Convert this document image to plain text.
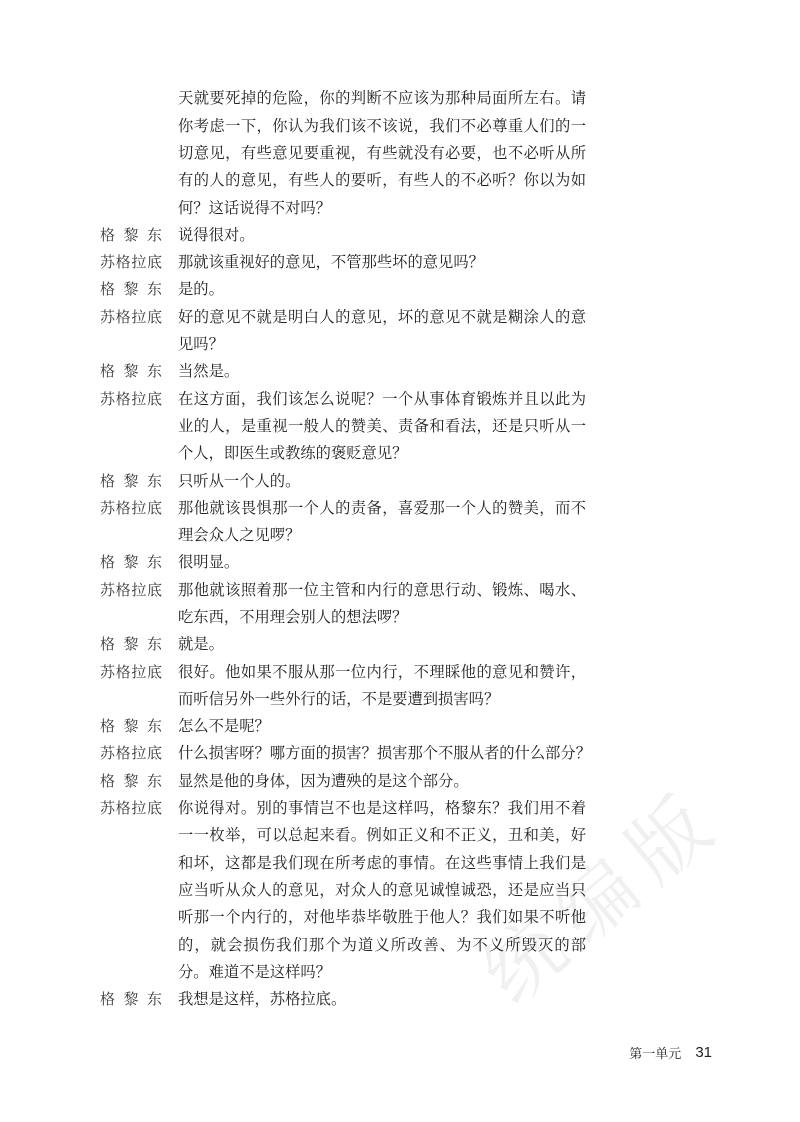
统编版
天就要死掉的危险，你的判断不应该为那种局面所左右。请
你考虑一下，你认为我们该不该说，我们不必尊重人们的一
切意见，有些意见要重视，有些就没有必要，也不必听从所
有的人的意见，有些人的要听，有些人的不必听？你以为如
何？这话说得不对吗？
格 黎 东 说得很对。
苏格拉底 那就该重视好的意见，不管那些坏的意见吗？
格 黎 东 是的。
苏格拉底 好的意见不就是明白人的意见，坏的意见不就是糊涂人的意
见吗？
格 黎 东 当然是。
苏格拉底 在这方面，我们该怎么说呢？一个从事体育锻炼并且以此为
业的人，是重视一般人的赞美、责备和看法，还是只听从一
个人，即医生或教练的褒贬意见？
格 黎 东 只听从一个人的。
苏格拉底 那他就该畏惧那一个人的责备，喜爱那一个人的赞美，而不
理会众人之见啰？
格 黎 东 很明显。
苏格拉底 那他就该照着那一位主管和内行的意思行动、锻炼、喝水、
吃东西，不用理会别人的想法啰？
格 黎 东 就是。
苏格拉底 很好。他如果不服从那一位内行，不理睬他的意见和赞许，
而听信另外一些外行的话，不是要遭到损害吗？
格 黎 东 怎么不是呢？
苏格拉底 什么损害呀？哪方面的损害？损害那个不服从者的什么部分？
格 黎 东 显然是他的身体，因为遭殃的是这个部分。
苏格拉底 你说得对。别的事情岂不也是这样吗，格黎东？我们用不着
一一枚举，可以总起来看。例如正义和不正义，丑和美，好
和坏，这都是我们现在所考虑的事情。在这些事情上我们是
应当听从众人的意见，对众人的意见诚惶诚恐，还是应当只
听那一个内行的，对他毕恭毕敬胜于他人？我们如果不听他
的，就会损伤我们那个为道义所改善、为不义所毁灭的部
分。难道不是这样吗？
格 黎 东 我想是这样，苏格拉底。
第一单元 31
